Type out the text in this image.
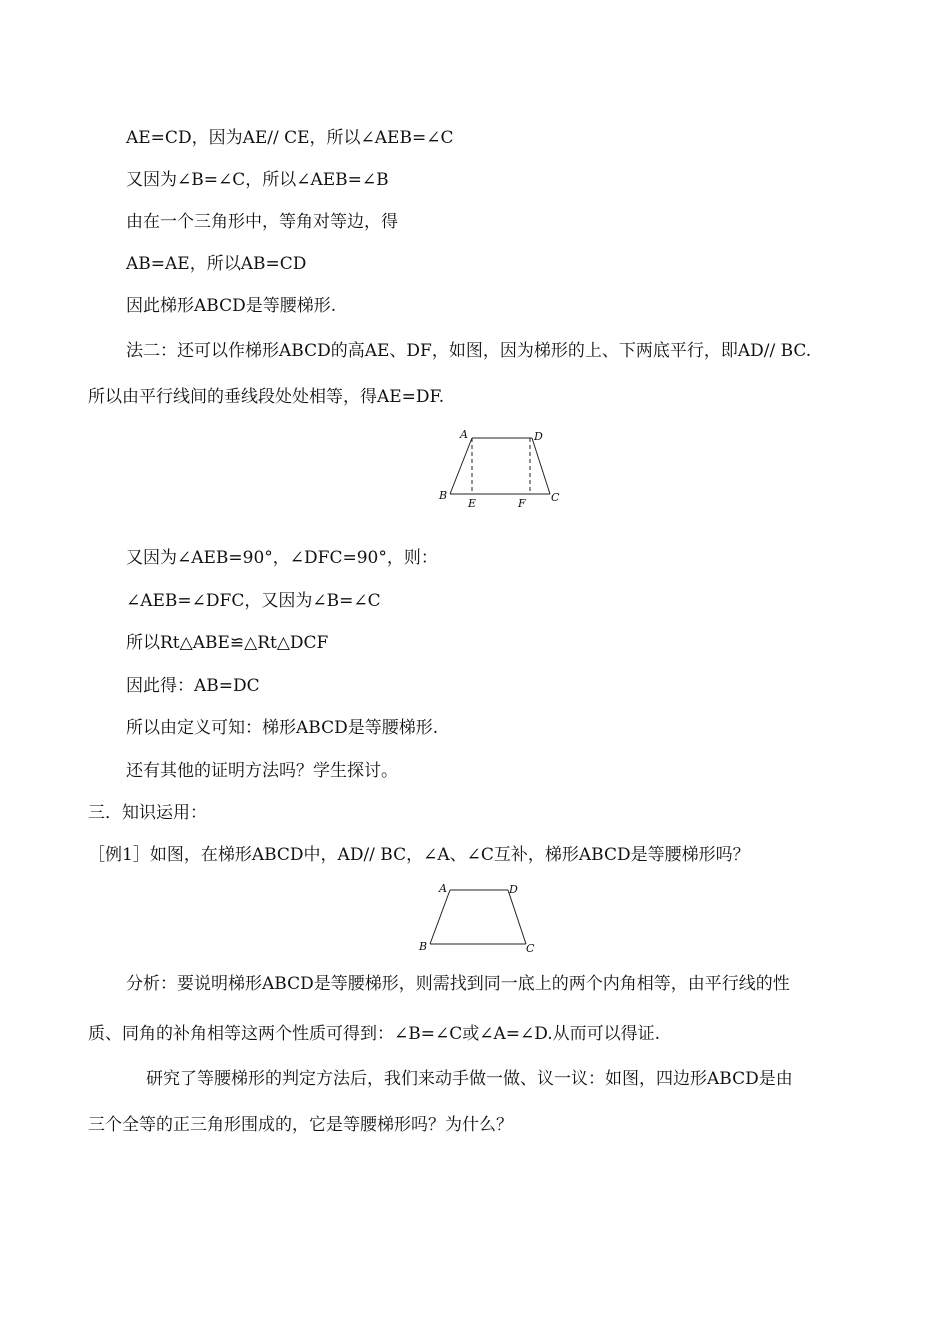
AE=CD，因为AE// CE，所以∠AEB=∠C
又因为∠B=∠C，所以∠AEB=∠B
由在一个三角形中，等角对等边，得
AB=AE，所以AB=CD
因此梯形ABCD是等腰梯形.
法二：还可以作梯形ABCD的高AE、DF，如图，因为梯形的上、下两底平行，即AD// BC.
所以由平行线间的垂线段处处相等，得AE=DF.
A	D
B
E	F C
又因为∠AEB=90°，∠DFC=90°，则：
∠AEB=∠DFC，又因为∠B=∠C
所以Rt△ABE≌△Rt△DCF
因此得：AB=DC
所以由定义可知：梯形ABCD是等腰梯形.
还有其他的证明方法吗？学生探讨。
三．知识运用：
［例1］如图，在梯形ABCD中，AD// BC，∠A、∠C互补，梯形ABCD是等腰梯形吗？
A	D
B	C
分析：要说明梯形ABCD是等腰梯形，则需找到同一底上的两个内角相等，由平行线的性
质、同角的补角相等这两个性质可得到：∠B=∠C或∠A=∠D.从而可以得证.
研究了等腰梯形的判定方法后，我们来动手做一做、议一议：如图，四边形ABCD是由
三个全等的正三角形围成的，它是等腰梯形吗？为什么？
